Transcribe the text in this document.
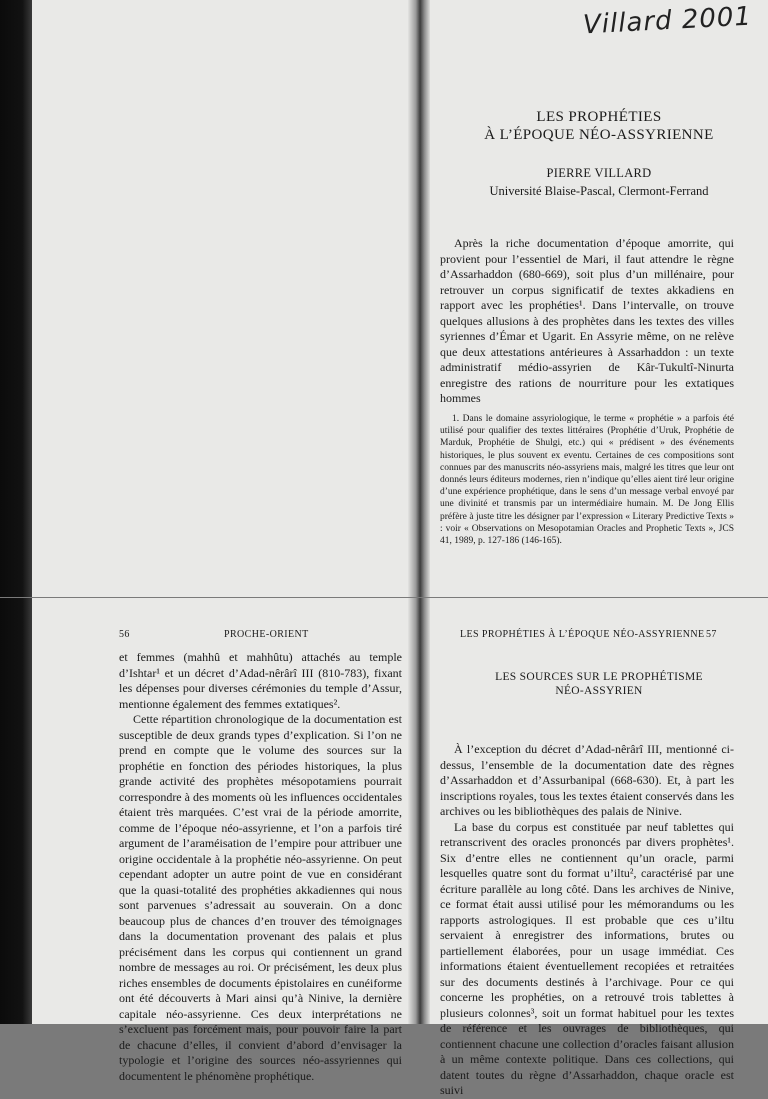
Villard 2001
LES PROPHÉTIES
À L’ÉPOQUE NÉO-ASSYRIENNE
PIERRE VILLARD
Université Blaise-Pascal, Clermont-Ferrand

Après la riche documentation d’époque amorrite, qui provient pour l’essentiel de Mari, il faut attendre le règne d’Assarhaddon (680-669), soit plus d’un millénaire, pour retrouver un corpus significatif de textes akkadiens en rapport avec les prophéties¹. Dans l’intervalle, on trouve quelques allusions à des prophètes dans les textes des villes syriennes d’Émar et Ugarit. En Assyrie même, on ne relève que deux attestations antérieures à Assarhaddon : un texte administratif médio-assyrien de Kâr-Tukultî-Ninurta enregistre des rations de nourriture pour les extatiques hommes

1. Dans le domaine assyriologique, le terme « prophétie » a parfois été utilisé pour qualifier des textes littéraires (Prophétie d’Uruk, Prophétie de Marduk, Prophétie de Shulgi, etc.) qui « prédisent » des événements historiques, le plus souvent ex eventu. Certaines de ces compositions sont connues par des manuscrits néo-assyriens mais, malgré les titres que leur ont donnés leurs éditeurs modernes, rien n’indique qu’elles aient tiré leur origine d’une expérience prophétique, dans le sens d’un message verbal envoyé par une divinité et transmis par un intermédiaire humain. M. De Jong Ellis préfère à juste titre les désigner par l’expression « Literary Predictive Texts » : voir « Observations on Mesopotamian Oracles and Prophetic Texts », JCS 41, 1989, p. 127-186 (146-165).
56	PROCHE-ORIENT

et femmes (mahhû et mahhûtu) attachés au temple d’Ishtar¹ et un décret d’Adad-nêrârî III (810-783), fixant les dépenses pour diverses cérémonies du temple d’Assur, mentionne également des femmes extatiques².

Cette répartition chronologique de la documentation est susceptible de deux grands types d’explication. Si l’on ne prend en compte que le volume des sources sur la prophétie en fonction des périodes historiques, la plus grande activité des prophètes mésopotamiens pourrait correspondre à des moments où les influences occidentales étaient très marquées. C’est vrai de la période amorrite, comme de l’époque néo-assyrienne, et l’on a parfois tiré argument de l’araméisation de l’empire pour attribuer une origine occidentale à la prophétie néo-assyrienne. On peut cependant adopter un autre point de vue en considérant que la quasi-totalité des prophéties akkadiennes qui nous sont parvenues s’adressait au souverain. On a donc beaucoup plus de chances d’en trouver des témoignages dans la documentation provenant des palais et plus précisément dans les corpus qui contiennent un grand nombre de messages au roi. Or précisément, les deux plus riches ensembles de documents épistolaires en cunéiforme ont été découverts à Mari ainsi qu’à Ninive, la dernière capitale néo-assyrienne. Ces deux interprétations ne s’excluent pas forcément mais, pour pouvoir faire la part de chacune d’elles, il convient d’abord d’envisager la typologie et l’origine des sources néo-assyriennes qui documentent le phénomène prophétique.

LES PROPHÉTIES À L’ÉPOQUE NÉO-ASSYRIENNE 57
LES SOURCES SUR LE PROPHÉTISME
NÉO-ASSYRIEN

À l’exception du décret d’Adad-nêrârî III, mentionné ci-dessus, l’ensemble de la documentation date des règnes d’Assarhaddon et d’Assurbanipal (668-630). Et, à part les inscriptions royales, tous les textes étaient conservés dans les archives ou les bibliothèques des palais de Ninive.

La base du corpus est constituée par neuf tablettes qui retranscrivent des oracles prononcés par divers prophètes¹. Six d’entre elles ne contiennent qu’un oracle, parmi lesquelles quatre sont du format u’iltu², caractérisé par une écriture parallèle au long côté. Dans les archives de Ninive, ce format était aussi utilisé pour les mémorandums ou les rapports astrologiques. Il est probable que ces u’iltu servaient à enregistrer des informations, brutes ou partiellement élaborées, pour un usage immédiat. Ces informations étaient éventuellement recopiées et retraitées sur des documents destinés à l’archivage. Pour ce qui concerne les prophéties, on a retrouvé trois tablettes à plusieurs colonnes³, soit un format habituel pour les textes de référence et les ouvrages de bibliothèques, qui contiennent chacune une collection d’oracles faisant allusion à un même contexte politique. Dans ces collections, qui datent toutes du règne d’Assarhaddon, chaque oracle est suivi
